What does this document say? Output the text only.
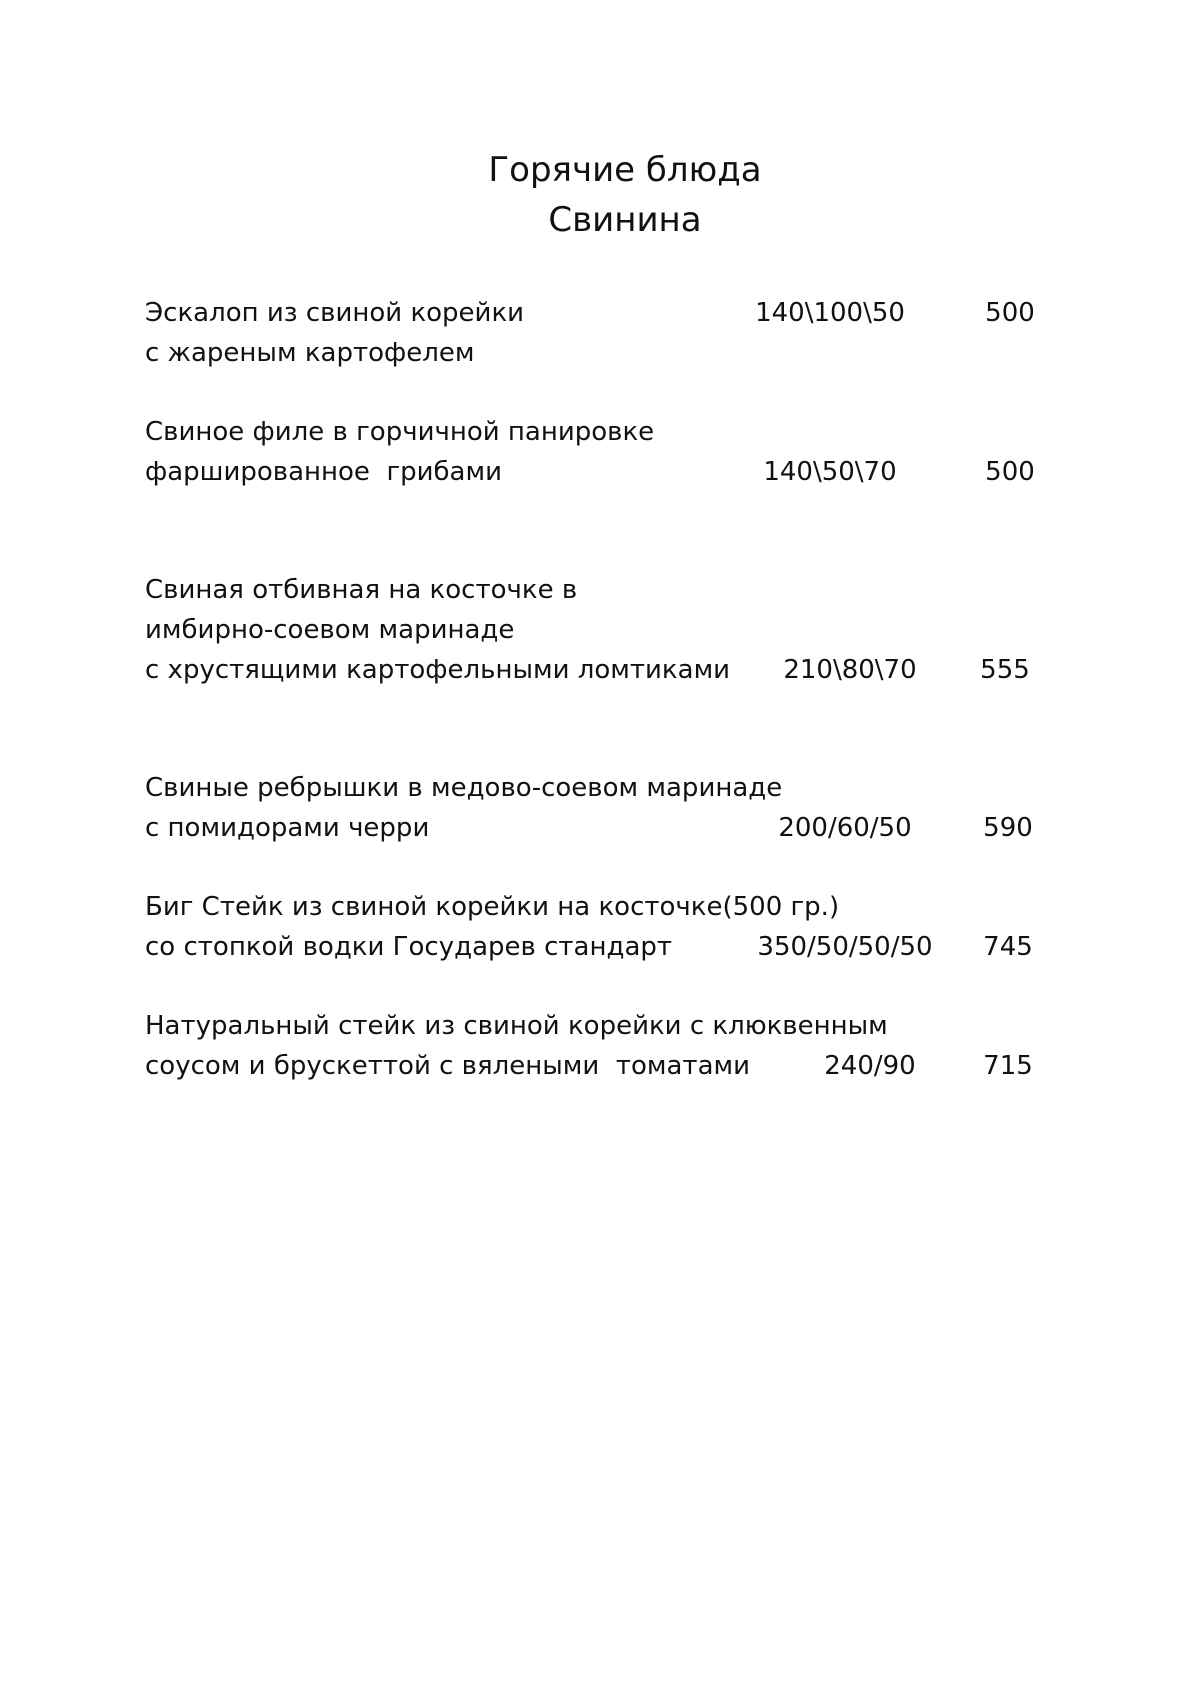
Горячие блюда
Свинина
Эскалоп из свиной корейки
с жареным картофелем
140\100\50	500
Свиное филе в горчичной панировке
фаршированное  грибами	140\50\70	500
Свиная отбивная на косточке в
имбирно-соевом маринаде
с хрустящими картофельными ломтиками	210\80\70	555
Свиные ребрышки в медово-соевом маринаде
с помидорами черри	200/60/50	590
Биг Стейк из свиной корейки на косточке(500 гр.)
со стопкой водки Государев стандарт	350/50/50/50	745
Натуральный стейк из свиной корейки с клюквенным
соусом и брускеттой с вялеными  томатами	240/90	715
